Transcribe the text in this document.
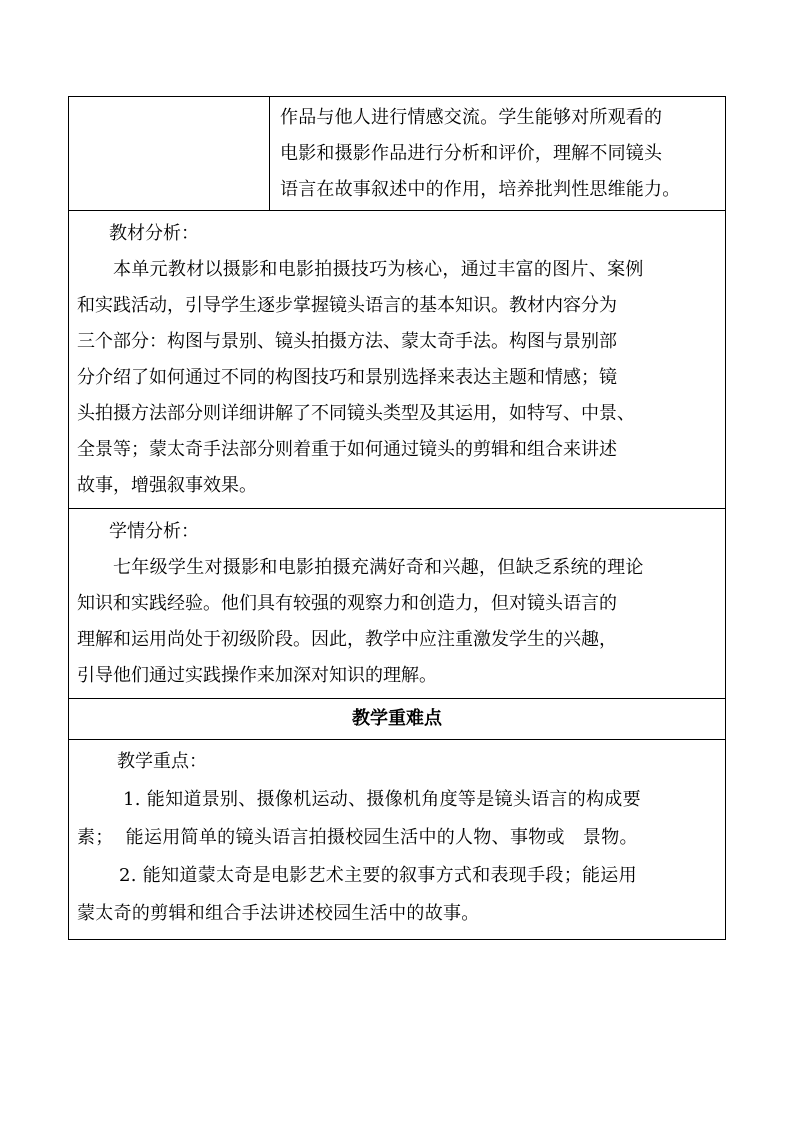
作品与他人进行情感交流。学生能够对所观看的

电影和摄影作品进行分析和评价，理解不同镜头

语言在故事叙述中的作用，培养批判性思维能力。

教材分析：

本单元教材以摄影和电影拍摄技巧为核心，通过丰富的图片、案例

和实践活动，引导学生逐步掌握镜头语言的基本知识。教材内容分为

三个部分：构图与景别、镜头拍摄方法、蒙太奇手法。构图与景别部

分介绍了如何通过不同的构图技巧和景别选择来表达主题和情感；镜

头拍摄方法部分则详细讲解了不同镜头类型及其运用，如特写、中景、

全景等；蒙太奇手法部分则着重于如何通过镜头的剪辑和组合来讲述

故事，增强叙事效果。

学情分析：

七年级学生对摄影和电影拍摄充满好奇和兴趣，但缺乏系统的理论

知识和实践经验。他们具有较强的观察力和创造力，但对镜头语言的

理解和运用尚处于初级阶段。因此，教学中应注重激发学生的兴趣，

引导他们通过实践操作来加深对知识的理解。

教学重难点

教学重点：

1. 能知道景别、摄像机运动、摄像机角度等是镜头语言的构成要

素；  能运用简单的镜头语言拍摄校园生活中的人物、事物或   景物。

2. 能知道蒙太奇是电影艺术主要的叙事方式和表现手段；能运用

蒙太奇的剪辑和组合手法讲述校园生活中的故事。
